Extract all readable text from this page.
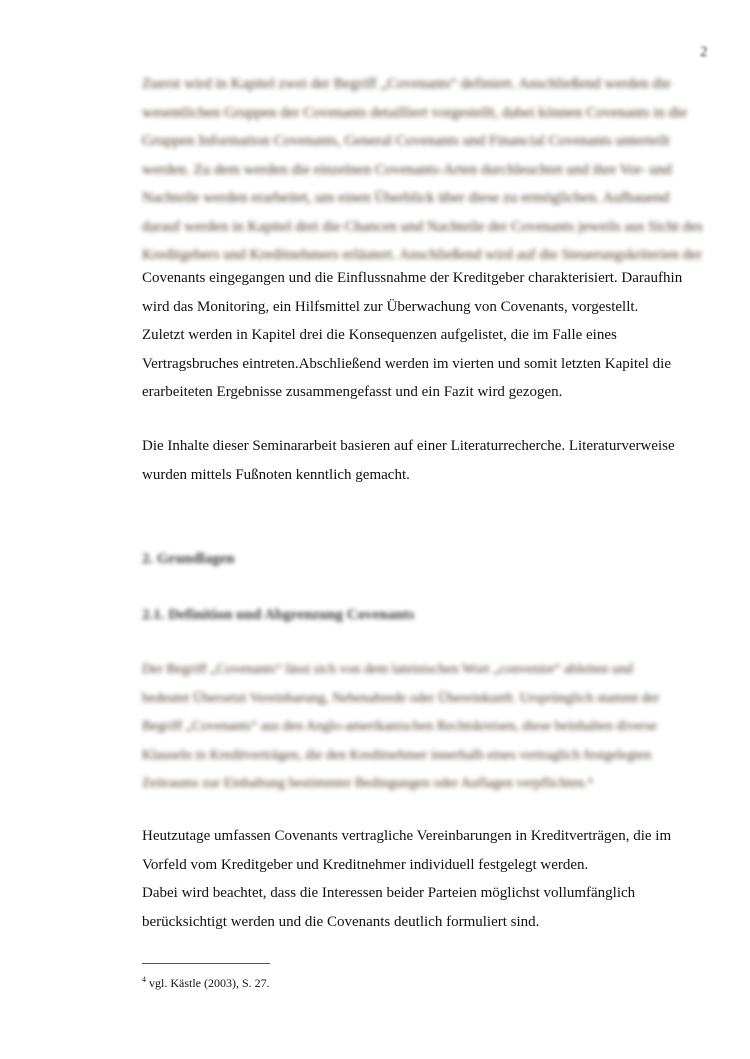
2
Zuerst wird in Kapitel zwei der Begriff „Covenants“ definiert. Anschließend werden die
wesentlichen Gruppen der Covenants detailliert vorgestellt, dabei können Covenants in die
Gruppen Information Covenants, General Covenants und Financial Covenants unterteilt
werden. Zu dem werden die einzelnen Covenants-Arten durchleuchtet und ihre Vor- und
Nachteile werden erarbeitet, um einen Überblick über diese zu ermöglichen. Aufbauend
darauf werden in Kapitel drei die Chancen und Nachteile der Covenants jeweils aus Sicht des
Kreditgebers und Kreditnehmers erläutert. Anschließend wird auf die Steuerungskriterien der
Covenants eingegangen und die Einflussnahme der Kreditgeber charakterisiert. Daraufhin
wird das Monitoring, ein Hilfsmittel zur Überwachung von Covenants, vorgestellt.
Zuletzt werden in Kapitel drei die Konsequenzen aufgelistet, die im Falle eines
Vertragsbruches eintreten.Abschließend werden im vierten und somit letzten Kapitel die
erarbeiteten Ergebnisse zusammengefasst und ein Fazit wird gezogen.
Die Inhalte dieser Seminararbeit basieren auf einer Literaturrecherche. Literaturverweise
wurden mittels Fußnoten kenntlich gemacht.
2. Grundlagen
2.1. Definition und Abgrenzung Covenants
Der Begriff „Covenants“ lässt sich von dem lateinischen Wort „convenire“ ableiten und
bedeutet Übersetzt Vereinbarung, Nebenabrede oder Übereinkunft. Ursprünglich stammt der
Begriff „Covenants“ aus den Anglo-amerikanischen Rechtskreisen, diese beinhalten diverse
Klauseln in Kreditverträgen, die den Kreditnehmer innerhalb eines vertraglich festgelegten
Zeitraums zur Einhaltung bestimmter Bedingungen oder Auflagen verpflichten.⁴
Heutzutage umfassen Covenants vertragliche Vereinbarungen in Kreditverträgen, die im
Vorfeld vom Kreditgeber und Kreditnehmer individuell festgelegt werden.
Dabei wird beachtet, dass die Interessen beider Parteien möglichst vollumfänglich
berücksichtigt werden und die Covenants deutlich formuliert sind.
$^4$ vgl. Kästle (2003), S. 27.
